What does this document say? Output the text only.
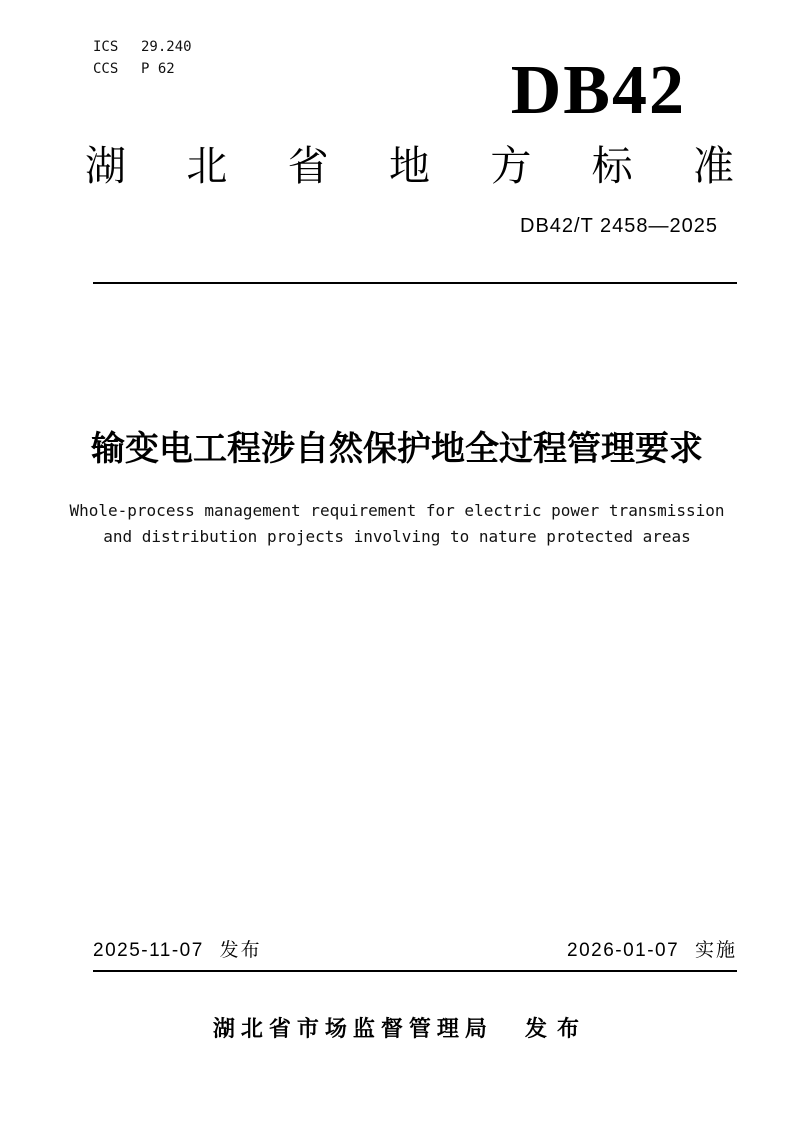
ICS	29.240
CCS	P 62	DB42
湖 北 省 地 方 标 准
DB42/T 2458—2025
输变电工程涉自然保护地全过程管理要求
Whole-process management requirement for electric power transmission
and distribution projects involving to nature protected areas
2025-11-07 发布	2026-01-07 实施
湖北省市场监督管理局 发 布
